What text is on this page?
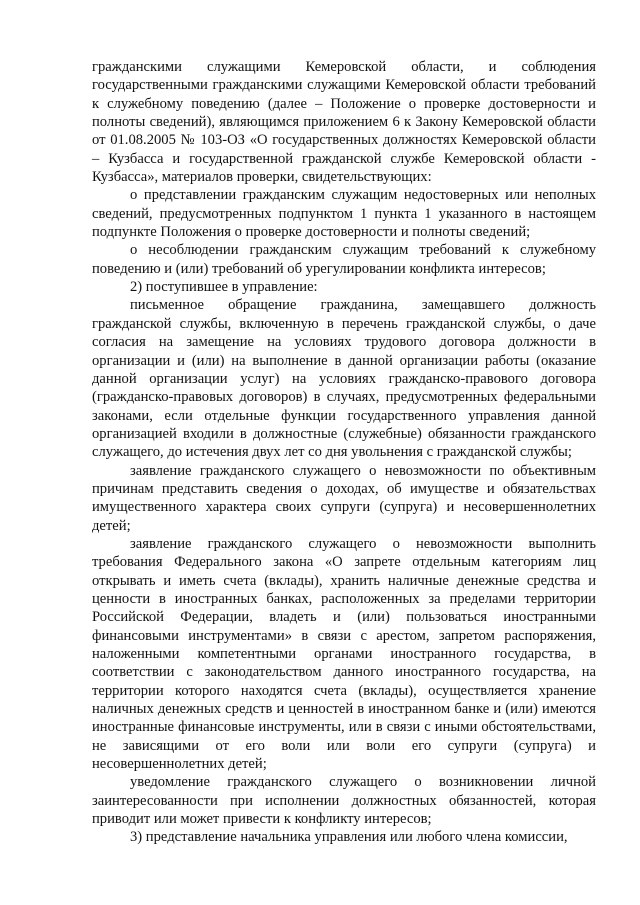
гражданскими служащими Кемеровской области, и соблюдения государственными гражданскими служащими Кемеровской области требований к служебному поведению (далее – Положение о проверке достоверности и полноты сведений), являющимся приложением 6 к Закону Кемеровской области от 01.08.2005 № 103-ОЗ «О государственных должностях Кемеровской области – Кузбасса и государственной гражданской службе Кемеровской области - Кузбасса», материалов проверки, свидетельствующих:

о представлении гражданским служащим недостоверных или неполных сведений, предусмотренных подпунктом 1 пункта 1 указанного в настоящем подпункте Положения о проверке достоверности и полноты сведений;

о несоблюдении гражданским служащим требований к служебному поведению и (или) требований об урегулировании конфликта интересов;

2) поступившее в управление:

письменное обращение гражданина, замещавшего должность гражданской службы, включенную в перечень гражданской службы, о даче согласия на замещение на условиях трудового договора должности в организации и (или) на выполнение в данной организации работы (оказание данной организации услуг) на условиях гражданско-правового договора (гражданско-правовых договоров) в случаях, предусмотренных федеральными законами, если отдельные функции государственного управления данной организацией входили в должностные (служебные) обязанности гражданского служащего, до истечения двух лет со дня увольнения с гражданской службы;

заявление гражданского служащего о невозможности по объективным причинам представить сведения о доходах, об имуществе и обязательствах имущественного характера своих супруги (супруга) и несовершеннолетних детей;

заявление гражданского служащего о невозможности выполнить требования Федерального закона «О запрете отдельным категориям лиц открывать и иметь счета (вклады), хранить наличные денежные средства и ценности в иностранных банках, расположенных за пределами территории Российской Федерации, владеть и (или) пользоваться иностранными финансовыми инструментами» в связи с арестом, запретом распоряжения, наложенными компетентными органами иностранного государства, в соответствии с законодательством данного иностранного государства, на территории которого находятся счета (вклады), осуществляется хранение наличных денежных средств и ценностей в иностранном банке и (или) имеются иностранные финансовые инструменты, или в связи с иными обстоятельствами, не зависящими от его воли или воли его супруги (супруга) и несовершеннолетних детей;

уведомление гражданского служащего о возникновении личной заинтересованности при исполнении должностных обязанностей, которая приводит или может привести к конфликту интересов;

3) представление начальника управления или любого члена комиссии,
